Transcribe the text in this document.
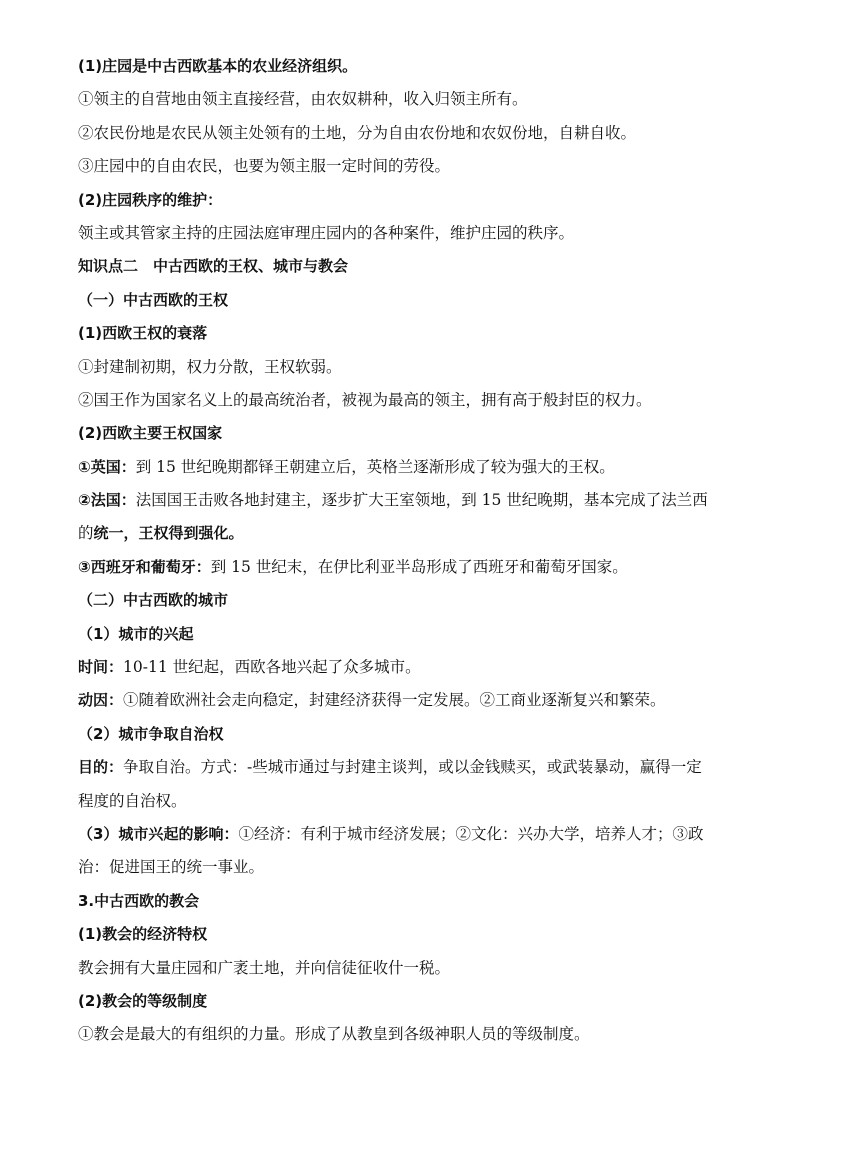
(1)庄园是中古西欧基本的农业经济组织。
①领主的自营地由领主直接经营，由农奴耕种，收入归领主所有。
②农民份地是农民从领主处领有的土地，分为自由农份地和农奴份地，自耕自收。
③庄园中的自由农民，也要为领主服一定时间的劳役。
(2)庄园秩序的维护：
领主或其管家主持的庄园法庭审理庄园内的各种案件，维护庄园的秩序。
知识点二　中古西欧的王权、城市与教会
（一）中古西欧的王权
(1)西欧王权的衰落
①封建制初期，权力分散，王权软弱。
②国王作为国家名义上的最高统治者，被视为最高的领主，拥有高于般封臣的权力。
(2)西欧主要王权国家
①英国：到 15 世纪晚期都铎王朝建立后，英格兰逐渐形成了较为强大的王权。
②法国：法国国王击败各地封建主，逐步扩大王室领地，到 15 世纪晚期，基本完成了法兰西
的统一，王权得到强化。
③西班牙和葡萄牙：到 15 世纪末，在伊比利亚半岛形成了西班牙和葡萄牙国家。
（二）中古西欧的城市
（1）城市的兴起
时间：10-11 世纪起，西欧各地兴起了众多城市。
动因：①随着欧洲社会走向稳定，封建经济获得一定发展。②工商业逐渐复兴和繁荣。
（2）城市争取自治权
目的：争取自治。方式：-些城市通过与封建主谈判，或以金钱赎买，或武装暴动，赢得一定
程度的自治权。
（3）城市兴起的影响：①经济：有利于城市经济发展；②文化：兴办大学，培养人才；③政
治：促进国王的统一事业。
3.中古西欧的教会
(1)教会的经济特权
教会拥有大量庄园和广袤土地，并向信徒征收什一税。
(2)教会的等级制度
①教会是最大的有组织的力量。形成了从教皇到各级神职人员的等级制度。
